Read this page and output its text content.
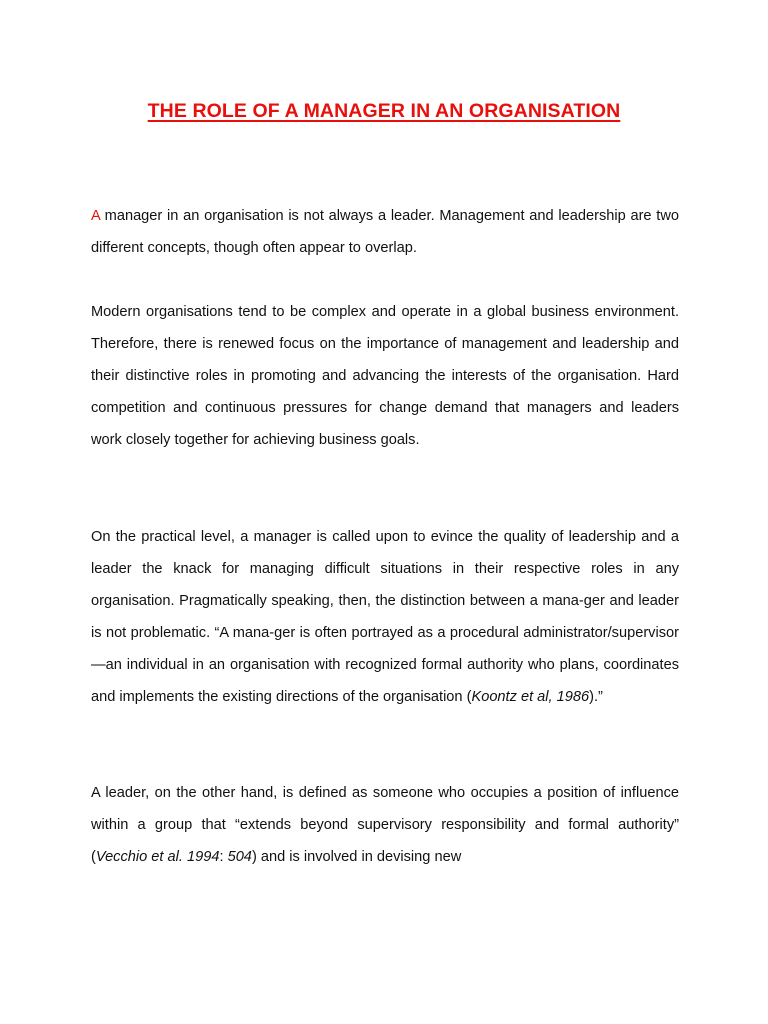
THE ROLE OF A MANAGER IN AN ORGANISATION

A manager in an organisation is not always a leader. Management and leadership are two different concepts, though often appear to overlap.

Modern organisations tend to be complex and operate in a global business environment. Therefore, there is renewed focus on the importance of management and leadership and their distinctive roles in promoting and advancing the interests of the organisation. Hard competition and continuous pressures for change demand that managers and leaders work closely together for achieving business goals.

On the practical level, a manager is called upon to evince the quality of leadership and a leader the knack for managing difficult situations in their respective roles in any organisation. Pragmatically speaking, then, the distinction between a mana-ger and leader is not problematic. “A mana-ger is often portrayed as a procedural administrator/supervisor—an individual in an organisation with recognized formal authority who plans, coordinates and implements the existing directions of the organisation (Koontz et al, 1986).”

A leader, on the other hand, is defined as someone who occupies a position of influence within a group that “extends beyond supervisory responsibility and formal authority” (Vecchio et al. 1994: 504) and is involved in devising new
